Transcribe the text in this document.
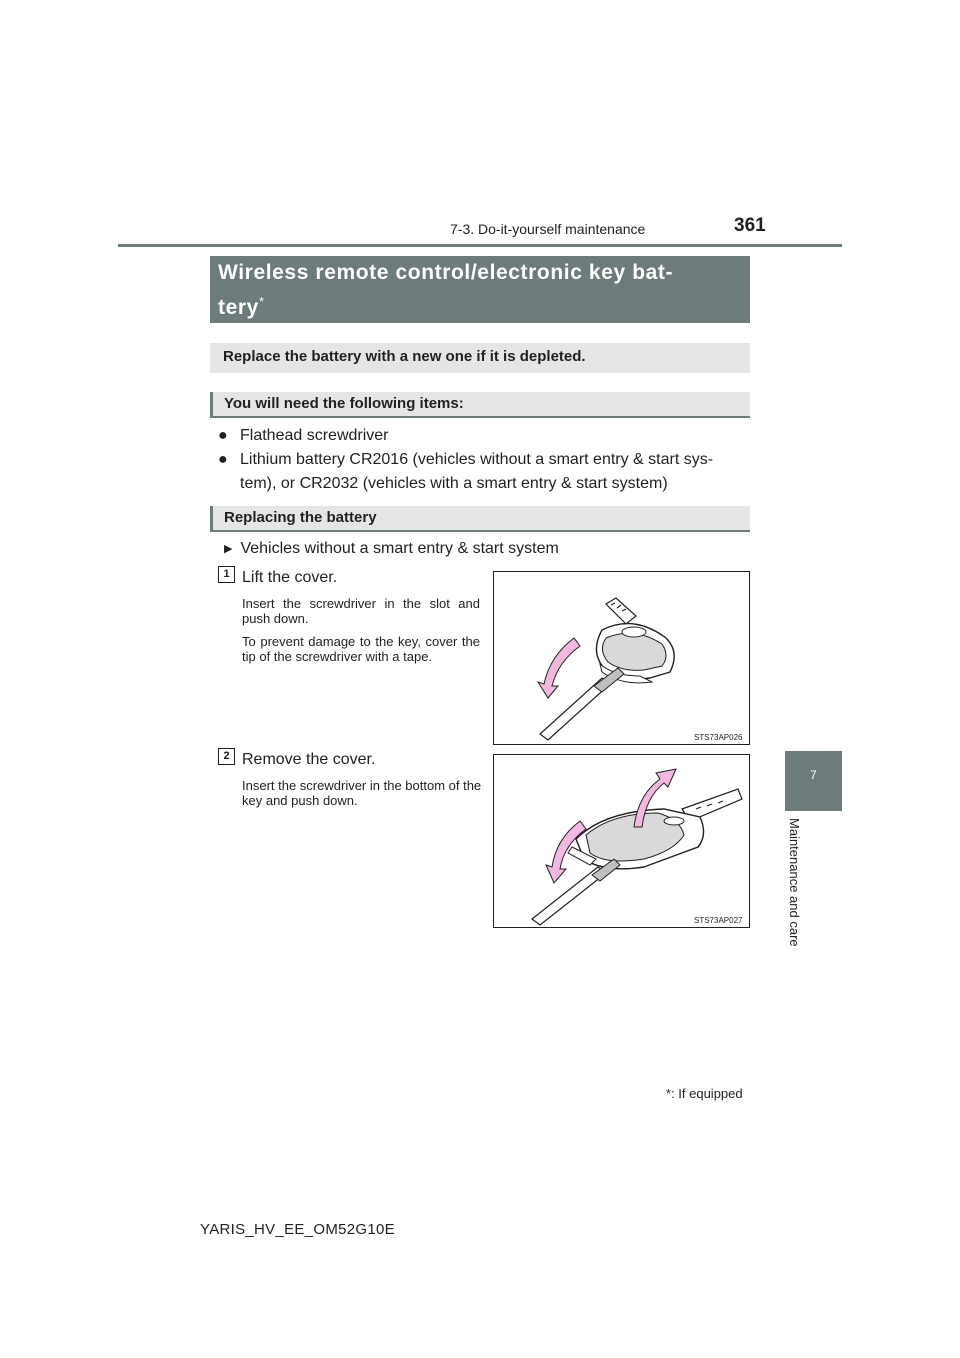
7-3. Do-it-yourself maintenance	361
7
Maintenance and care
Wireless remote control/electronic key bat-
tery*
Replace the battery with a new one if it is depleted.
You will need the following items:
● Flathead screwdriver
● Lithium battery CR2016 (vehicles without a smart entry & start sys-
tem), or CR2032 (vehicles with a smart entry & start system)
Replacing the battery
▶ Vehicles without a smart entry & start system
1 Lift the cover.
Insert the screwdriver in the slot and push down.
To prevent damage to the key, cover the tip of the screwdriver with a tape.
STS73AP026
2 Remove the cover.
Insert the screwdriver in the bottom of the key and push down.
STS73AP027
*: If equipped
YARIS_HV_EE_OM52G10E
